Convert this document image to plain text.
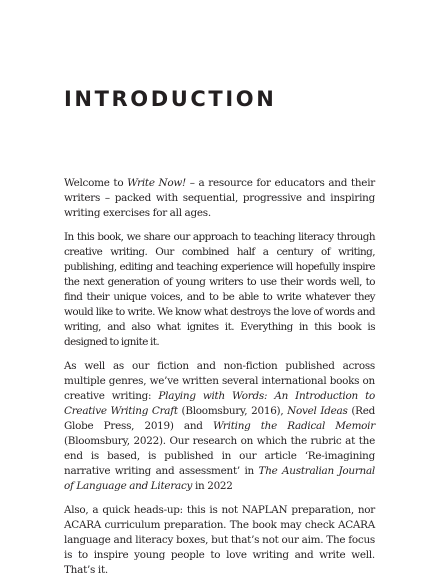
INTRODUCTION

Welcome to Write Now! – a resource for educators and their writers – packed with sequential, progressive and inspiring writing exercises for all ages.

In this book, we share our approach to teaching literacy through creative writing. Our combined half a century of writing, publishing, editing and teaching experience will hopefully inspire the next generation of young writers to use their words well, to find their unique voices, and to be able to write whatever they would like to write. We know what destroys the love of words and writing, and also what ignites it. Everything in this book is designed to ignite it.

As well as our fiction and non-fiction published across multiple genres, we’ve written several international books on creative writing: Playing with Words: An Introduction to Creative Writing Craft (Bloomsbury, 2016), Novel Ideas (Red Globe Press, 2019) and Writing the Radical Memoir (Bloomsbury, 2022). Our research on which the rubric at the end is based, is published in our article ‘Re-imagining narrative writing and assessment’ in The Australian Journal of Language and Literacy in 2022

Also, a quick heads-up: this is not NAPLAN preparation, nor ACARA curriculum preparation. The book may check ACARA language and literacy boxes, but that’s not our aim. The focus is to inspire young people to love writing and write well. That’s it.
